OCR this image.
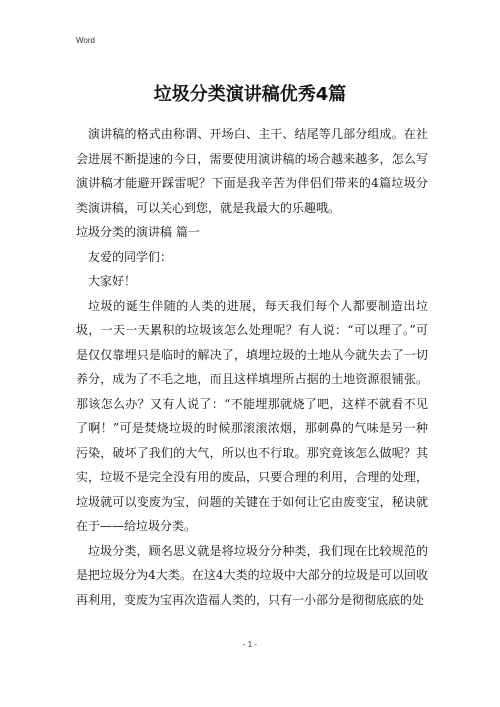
Word
垃圾分类演讲稿优秀4篇

演讲稿的格式由称谓、开场白、主干、结尾等几部分组成。在社会进展不断提速的今日，需要使用演讲稿的场合越来越多，怎么写演讲稿才能避开踩雷呢？下面是我辛苦为伴侣们带来的4篇垃圾分类演讲稿，可以关心到您，就是我最大的乐趣哦。

垃圾分类的演讲稿 篇一

友爱的同学们：

大家好！

垃圾的诞生伴随的人类的进展，每天我们每个人都要制造出垃圾，一天一天累积的垃圾该怎么处理呢？有人说：“可以理了。”可是仅仅靠埋只是临时的解决了，填埋垃圾的土地从今就失去了一切养分，成为了不毛之地，而且这样填埋所占据的土地资源很铺张。那该怎么办？又有人说了：“不能埋那就烧了吧，这样不就看不见了啊！”可是焚烧垃圾的时候那滚滚浓烟，那刺鼻的气味是另一种污染，破坏了我们的大气，所以也不行取。那究竟该怎么做呢？其实，垃圾不是完全没有用的废品，只要合理的利用，合理的处理，垃圾就可以变废为宝，问题的关键在于如何让它由废变宝，秘诀就在于——给垃圾分类。

垃圾分类，顾名思义就是将垃圾分分种类，我们现在比较规范的是把垃圾分为4大类。在这4大类的垃圾中大部分的垃圾是可以回收再利用，变废为宝再次造福人类的，只有一小部分是彻彻底底的处

- 1 -
